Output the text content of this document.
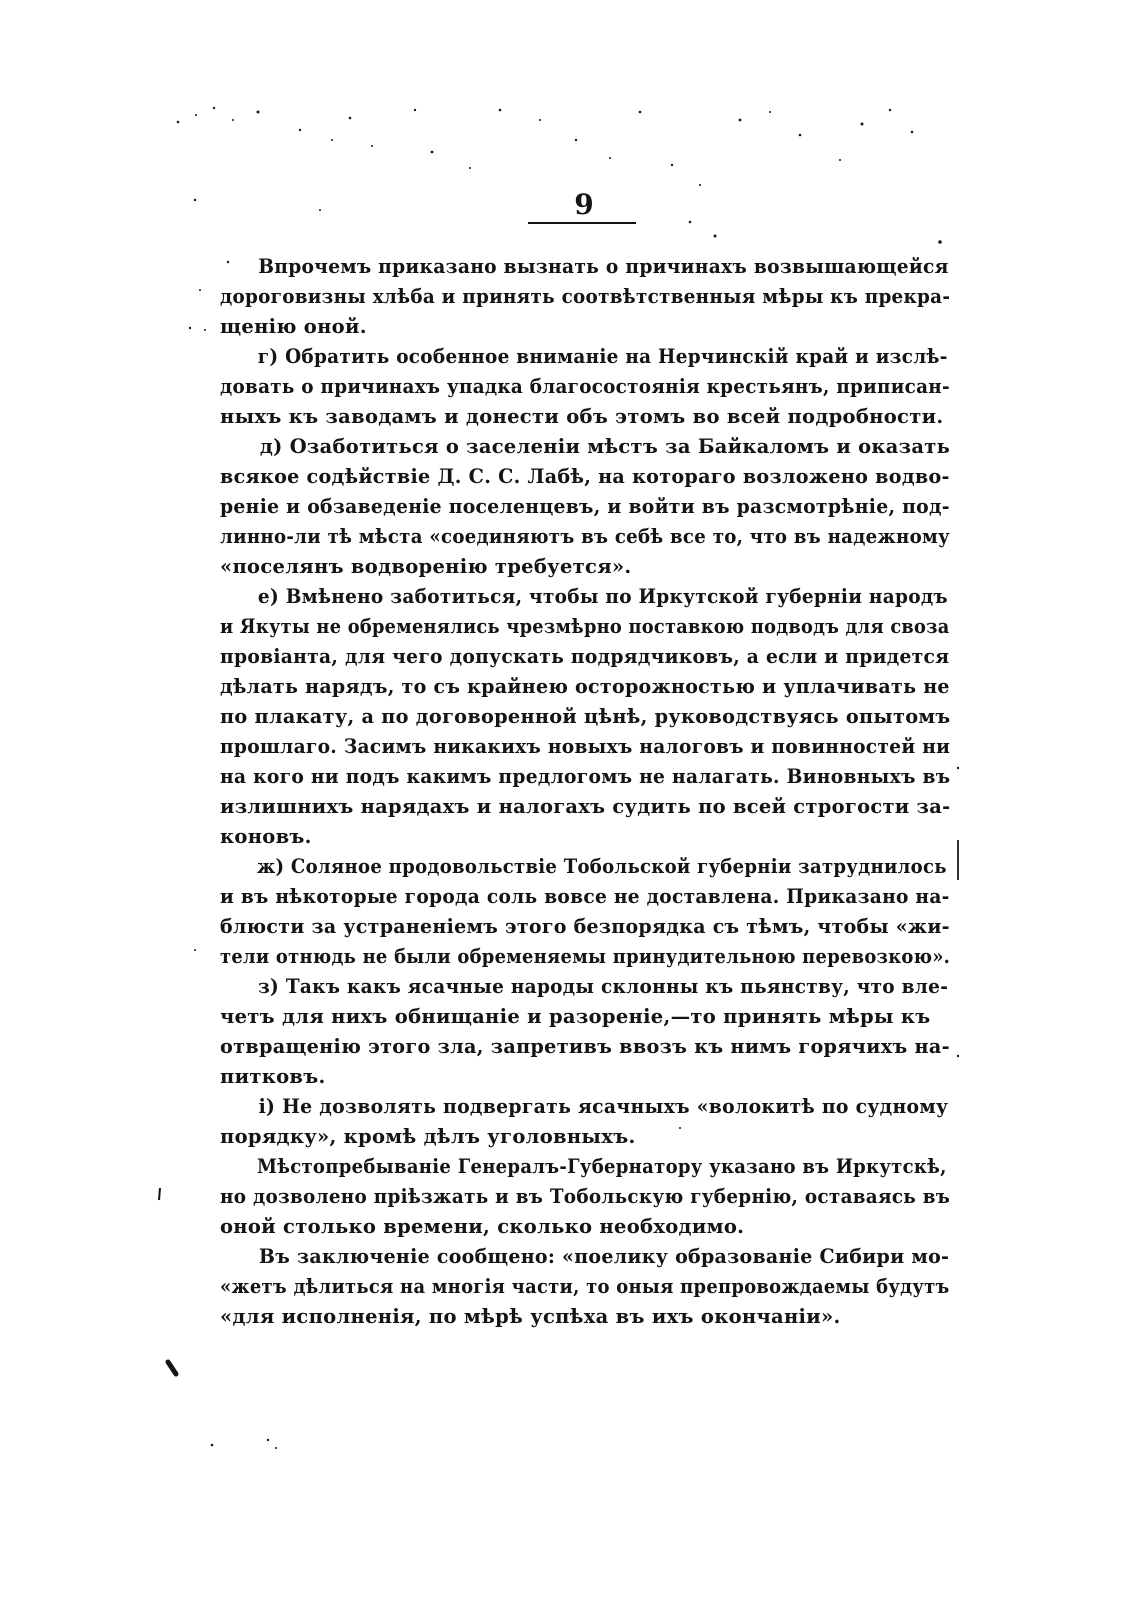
9
Впрочемъ приказано вызнать о причинахъ возвышающейся
дороговизны хлѣба и принять соотвѣтственныя мѣры къ прекра-
щенію оной.
г) Обратить особенное вниманіе на Нерчинскій край и изслѣ-
довать о причинахъ упадка благосостоянія крестьянъ, приписан-
ныхъ къ заводамъ и донести объ этомъ во всей подробности.
д) Озаботиться о заселеніи мѣстъ за Байкаломъ и оказать
всякое содѣйствіе Д. С. С. Лабѣ, на котораго возложено водво-
реніе и обзаведеніе поселенцевъ, и войти въ разсмотрѣніе, под-
линно-ли тѣ мѣста «соединяютъ въ себѣ все то, что въ надежному
«поселянъ водворенію требуется».
е) Вмѣнено заботиться, чтобы по Иркутской губерніи народъ
и Якуты не обременялись чрезмѣрно поставкою подводъ для своза
провіанта, для чего допускать подрядчиковъ, а если и придется
дѣлать нарядъ, то съ крайнею осторожностью и уплачивать не
по плакату, а по договоренной цѣнѣ, руководствуясь опытомъ
прошлаго. Засимъ никакихъ новыхъ налоговъ и повинностей ни
на кого ни подъ какимъ предлогомъ не налагать. Виновныхъ въ
излишнихъ нарядахъ и налогахъ судить по всей строгости за-
коновъ.
ж) Соляное продовольствіе Тобольской губерніи затруднилось
и въ нѣкоторые города соль вовсе не доставлена. Приказано на-
блюсти за устраненіемъ этого безпорядка съ тѣмъ, чтобы «жи-
тели отнюдь не были обременяемы принудительною перевозкою».
з) Такъ какъ ясачные народы склонны къ пьянству, что вле-
четъ для нихъ обнищаніе и разореніе,—то принять мѣры къ
отвращенію этого зла, запретивъ ввозъ къ нимъ горячихъ на-
питковъ.
і) Не дозволять подвергать ясачныхъ «волокитѣ по судному
порядку», кромѣ дѣлъ уголовныхъ.
Мѣстопребываніе Генералъ-Губернатору указано въ Иркутскѣ,
но дозволено пріѣзжать и въ Тобольскую губернію, оставаясь въ
оной столько времени, сколько необходимо.
Въ заключеніе сообщено: «поелику образованіе Сибири мо-
«жетъ дѣлиться на многія части, то оныя препровождаемы будутъ
«для исполненія, по мѣрѣ успѣха въ ихъ окончаніи».
